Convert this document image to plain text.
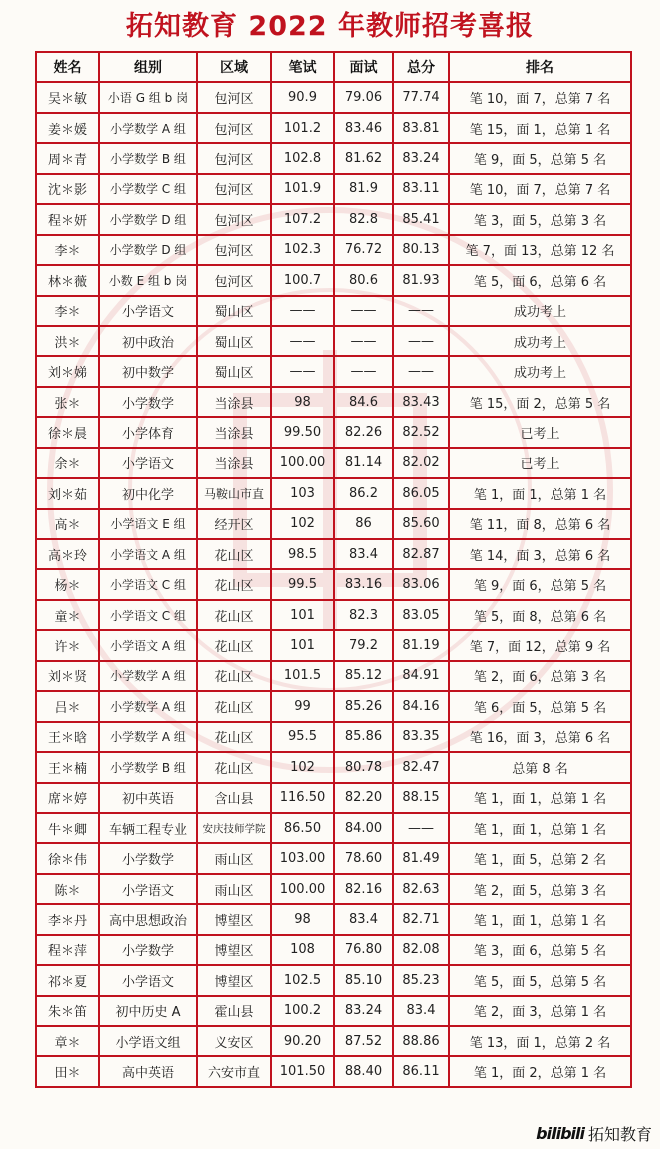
拓知教育 2022 年教师招考喜报
姓名	组别	区域	笔试	面试	总分	排名
吴＊敏	小语 G 组 b 岗	包河区	90.9	79.06	77.74	笔 10，面 7，总第 7 名
姜＊媛	小学数学 A 组	包河区	101.2	83.46	83.81	笔 15，面 1，总第 1 名
周＊青	小学数学 B 组	包河区	102.8	81.62	83.24	笔 9，面 5，总第 5 名
沈＊影	小学数学 C 组	包河区	101.9	81.9	83.11	笔 10，面 7，总第 7 名
程＊妍	小学数学 D 组	包河区	107.2	82.8	85.41	笔 3，面 5，总第 3 名
李＊	小学数学 D 组	包河区	102.3	76.72	80.13	笔 7，面 13，总第 12 名
林＊薇	小数 E 组 b 岗	包河区	100.7	80.6	81.93	笔 5，面 6，总第 6 名
李＊	小学语文	蜀山区	——	——	——	成功考上
洪＊	初中政治	蜀山区	——	——	——	成功考上
刘＊娣	初中数学	蜀山区	——	——	——	成功考上
张＊	小学数学	当涂县	98	84.6	83.43	笔 15，面 2，总第 5 名
徐＊晨	小学体育	当涂县	99.50	82.26	82.52	已考上
余＊	小学语文	当涂县	100.00	81.14	82.02	已考上
刘＊茹	初中化学	马鞍山市直	103	86.2	86.05	笔 1，面 1，总第 1 名
高＊	小学语文 E 组	经开区	102	86	85.60	笔 11，面 8，总第 6 名
高＊玲	小学语文 A 组	花山区	98.5	83.4	82.87	笔 14，面 3，总第 6 名
杨＊	小学语文 C 组	花山区	99.5	83.16	83.06	笔 9，面 6，总第 5 名
童＊	小学语文 C 组	花山区	101	82.3	83.05	笔 5，面 8，总第 6 名
许＊	小学语文 A 组	花山区	101	79.2	81.19	笔 7，面 12，总第 9 名
刘＊贤	小学数学 A 组	花山区	101.5	85.12	84.91	笔 2，面 6，总第 3 名
吕＊	小学数学 A 组	花山区	99	85.26	84.16	笔 6，面 5，总第 5 名
王＊晗	小学数学 A 组	花山区	95.5	85.86	83.35	笔 16，面 3，总第 6 名
王＊楠	小学数学 B 组	花山区	102	80.78	82.47	总第 8 名
席＊婷	初中英语	含山县	116.50	82.20	88.15	笔 1，面 1，总第 1 名
牛＊卿	车辆工程专业	安庆技师学院	86.50	84.00	——	笔 1，面 1，总第 1 名
徐＊伟	小学数学	雨山区	103.00	78.60	81.49	笔 1，面 5，总第 2 名
陈＊	小学语文	雨山区	100.00	82.16	82.63	笔 2，面 5，总第 3 名
李＊丹	高中思想政治	博望区	98	83.4	82.71	笔 1，面 1，总第 1 名
程＊萍	小学数学	博望区	108	76.80	82.08	笔 3，面 6，总第 5 名
祁＊夏	小学语文	博望区	102.5	85.10	85.23	笔 5，面 5，总第 5 名
朱＊笛	初中历史 A	霍山县	100.2	83.24	83.4	笔 2，面 3，总第 1 名
章＊	小学语文组	义安区	90.20	87.52	88.86	笔 13，面 1，总第 2 名
田＊	高中英语	六安市直	101.50	88.40	86.11	笔 1，面 2，总第 1 名
bilibili 拓知教育
